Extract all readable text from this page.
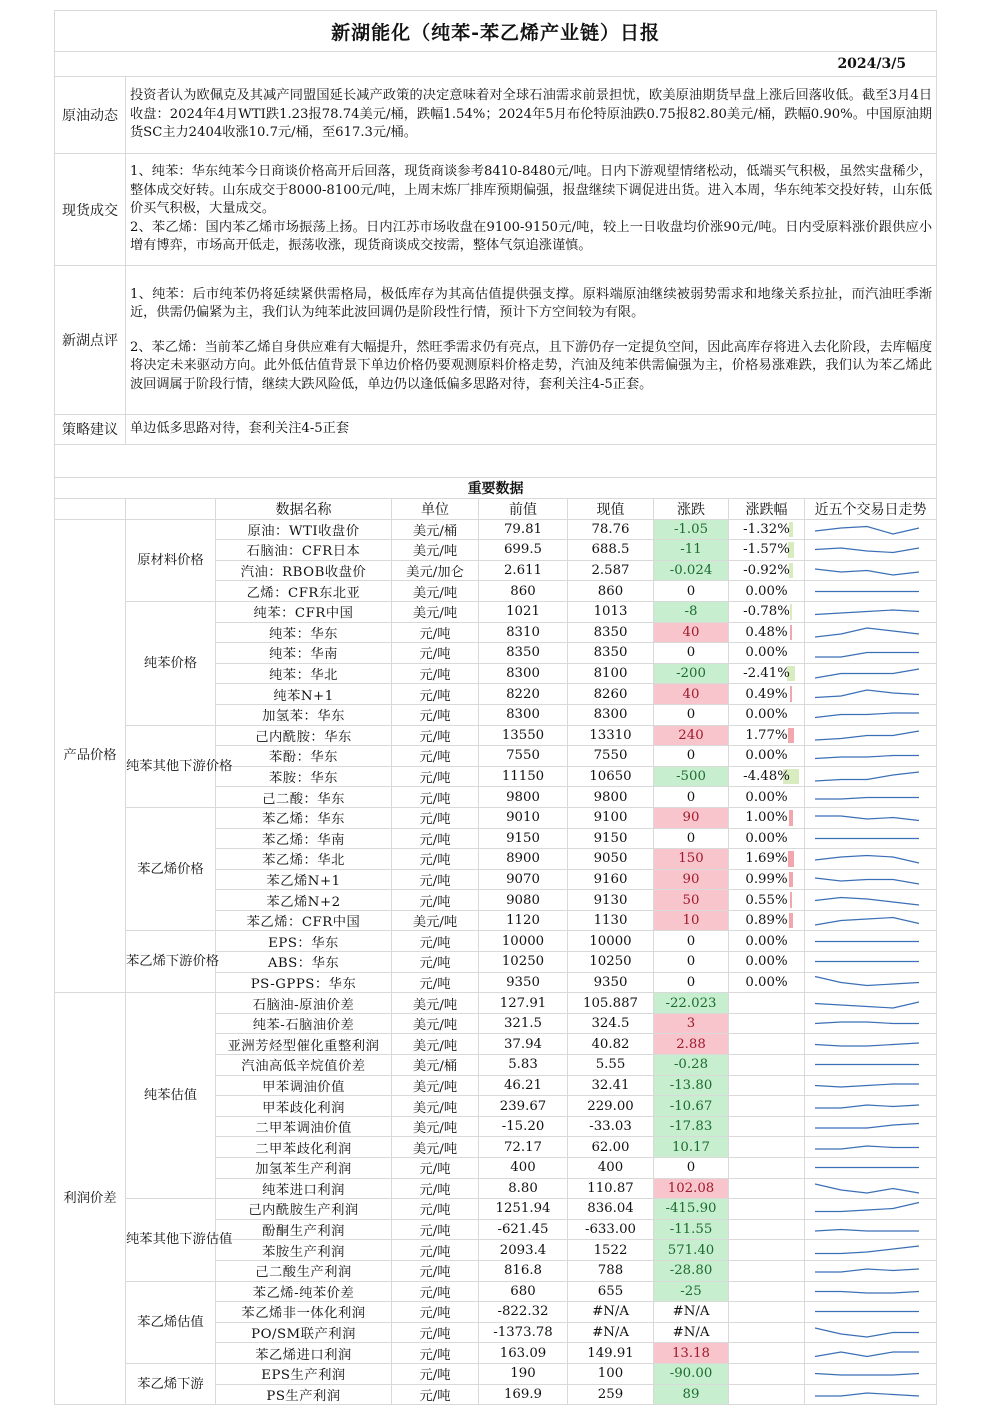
新湖能化（纯苯-苯乙烯产业链）日报								
2024/3/5								
原油动态	投资者认为欧佩克及其减产同盟国延长减产政策的决定意味着对全球石油需求前景担忧，欧美原油期货早盘上涨后回落收低。截至3月4日收盘：2024年4月WTI跌1.23报78.74美元/桶，跌幅1.54%；2024年5月布伦特原油跌0.75报82.80美元/桶，跌幅0.90%。中国原油期货SC主力2404收涨10.7元/桶，至617.3元/桶。							

现货成交	1、纯苯：华东纯苯今日商谈价格高开后回落，现货商谈参考8410-8480元/吨。日内下游观望情绪松动，低端买气积极，虽然实盘稀少，整体成交好转。山东成交于8000-8100元/吨，上周末炼厂排库预期偏强，报盘继续下调促进出货。进入本周，华东纯苯交投好转，山东低价买气积极，大量成交。

2、苯乙烯：国内苯乙烯市场振荡上扬。日内江苏市场收盘在9100-9150元/吨，较上一日收盘均价涨90元/吨。日内受原料涨价跟供应小增有博弈，市场高开低走，振荡收涨，现货商谈成交按需，整体气氛追涨谨慎。							

新湖点评	1、纯苯：后市纯苯仍将延续紧供需格局，极低库存为其高估值提供强支撑。原料端原油继续被弱势需求和地缘关系拉扯，而汽油旺季渐近，供需仍偏紧为主，我们认为纯苯此波回调仍是阶段性行情，预计下方空间较为有限。

2、苯乙烯：当前苯乙烯自身供应难有大幅提升，然旺季需求仍有亮点，且下游仍存一定提负空间，因此高库存将进入去化阶段，去库幅度将决定未来驱动方向。此外低估值背景下单边价格仍要观测原料价格走势，汽油及纯苯供需偏强为主，价格易涨难跌，我们认为苯乙烯此波回调属于阶段行情，继续大跌风险低，单边仍以逢低偏多思路对待，套利关注4-5正套。							

策略建议	单边低多思路对待，套利关注4-5正套							

重要数据								
		数据名称	单位	前值	现值	涨跌	涨跌幅	近五个交易日走势
产品价格	原材料价格	原油：WTI收盘价	美元/桶	79.81	78.76	-1.05	-1.32%	

		石脑油：CFR日本	美元/吨	699.5	688.5	-11	-1.57%	

		汽油：RBOB收盘价	美元/加仑	2.611	2.587	-0.024	-0.92%	

		乙烯：CFR东北亚	美元/吨	860	860	0	0.00%	

	纯苯价格	纯苯：CFR中国	美元/吨	1021	1013	-8	-0.78%	

		纯苯：华东	元/吨	8310	8350	40	0.48%	

		纯苯：华南	元/吨	8350	8350	0	0.00%	

		纯苯：华北	元/吨	8300	8100	-200	-2.41%	

		纯苯N+1	元/吨	8220	8260	40	0.49%	

		加氢苯：华东	元/吨	8300	8300	0	0.00%	

	纯苯其他下游价格	己内酰胺：华东	元/吨	13550	13310	240	1.77%	

		苯酚：华东	元/吨	7550	7550	0	0.00%	

		苯胺：华东	元/吨	11150	10650	-500	-4.48%	

		己二酸：华东	元/吨	9800	9800	0	0.00%	

	苯乙烯价格	苯乙烯：华东	元/吨	9010	9100	90	1.00%	

		苯乙烯：华南	元/吨	9150	9150	0	0.00%	

		苯乙烯：华北	元/吨	8900	9050	150	1.69%	

		苯乙烯N+1	元/吨	9070	9160	90	0.99%	

		苯乙烯N+2	元/吨	9080	9130	50	0.55%	

		苯乙烯：CFR中国	美元/吨	1120	1130	10	0.89%	

	苯乙烯下游价格	EPS：华东	元/吨	10000	10000	0	0.00%	

		ABS：华东	元/吨	10250	10250	0	0.00%	

		PS-GPPS：华东	元/吨	9350	9350	0	0.00%	

利润价差	纯苯估值	石脑油-原油价差	美元/吨	127.91	105.887	-22.023		

		纯苯-石脑油价差	美元/吨	321.5	324.5	3		

		亚洲芳烃型催化重整利润	美元/吨	37.94	40.82	2.88		

		汽油高低辛烷值价差	美元/桶	5.83	5.55	-0.28		

		甲苯调油价值	美元/吨	46.21	32.41	-13.80		

		甲苯歧化利润	美元/吨	239.67	229.00	-10.67		

		二甲苯调油价值	美元/吨	-15.20	-33.03	-17.83		

		二甲苯歧化利润	美元/吨	72.17	62.00	10.17		

		加氢苯生产利润	元/吨	400	400	0		

		纯苯进口利润	元/吨	8.80	110.87	102.08		

	纯苯其他下游估值	己内酰胺生产利润	元/吨	1251.94	836.04	-415.90		

		酚酮生产利润	元/吨	-621.45	-633.00	-11.55		

		苯胺生产利润	元/吨	2093.4	1522	571.40		

		己二酸生产利润	元/吨	816.8	788	-28.80		

	苯乙烯估值	苯乙烯-纯苯价差	元/吨	680	655	-25		

		苯乙烯非一体化利润	元/吨	-822.32	#N/A	#N/A		

		PO/SM联产利润	元/吨	-1373.78	#N/A	#N/A		

		苯乙烯进口利润	元/吨	163.09	149.91	13.18		

	苯乙烯下游	EPS生产利润	元/吨	190	100	-90.00		

		PS生产利润	元/吨	169.9	259	89		
